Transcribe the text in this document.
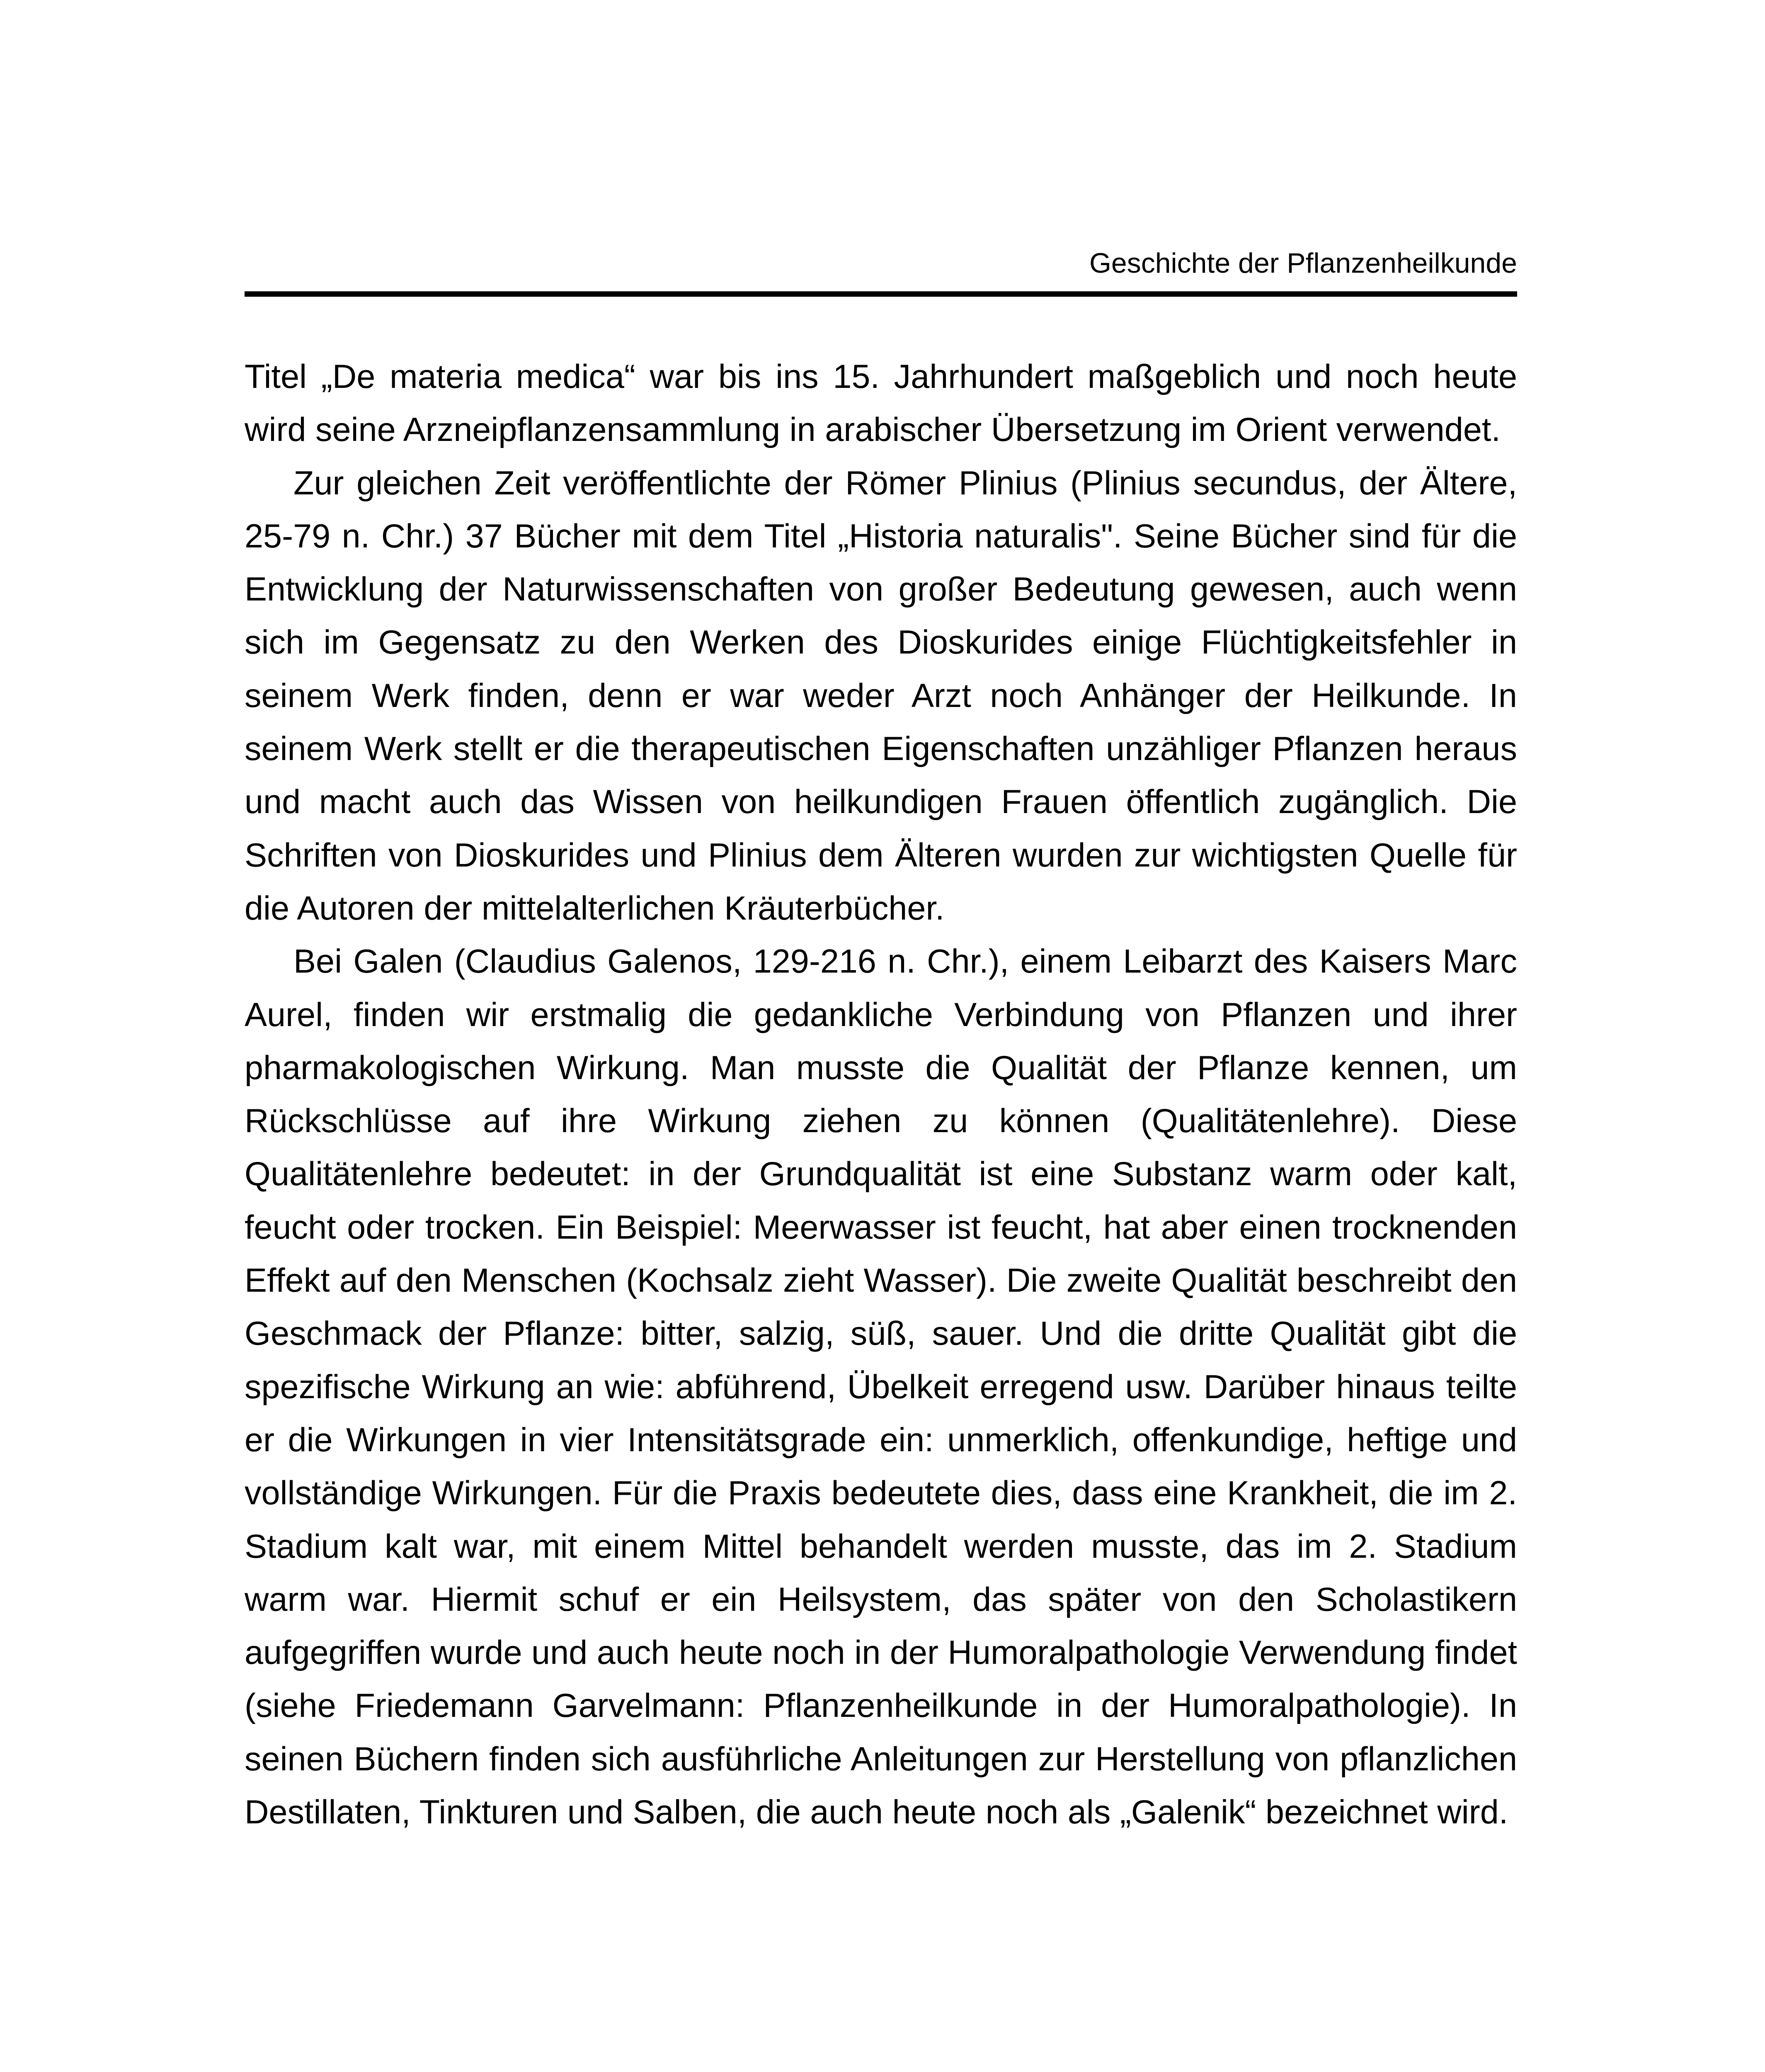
Geschichte der Pflanzenheilkunde

Titel „De materia medica“ war bis ins 15. Jahrhundert maßgeblich und noch heute wird seine Arzneipflanzensammlung in arabischer Übersetzung im Orient verwendet.

Zur gleichen Zeit veröffentlichte der Römer Plinius (Plinius secundus, der Ältere, 25-79 n. Chr.) 37 Bücher mit dem Titel „Historia naturalis". Seine Bücher sind für die Entwicklung der Naturwissenschaften von großer Bedeutung gewesen, auch wenn sich im Gegensatz zu den Werken des Dioskurides einige Flüchtigkeitsfehler in seinem Werk finden, denn er war weder Arzt noch Anhänger der Heilkunde. In seinem Werk stellt er die therapeutischen Eigenschaften unzähliger Pflanzen heraus und macht auch das Wissen von heilkundigen Frauen öffentlich zugänglich. Die Schriften von Dioskurides und Plinius dem Älteren wurden zur wichtigsten Quelle für die Autoren der mittelalterlichen Kräuterbücher.

Bei Galen (Claudius Galenos, 129-216 n. Chr.), einem Leibarzt des Kaisers Marc Aurel, finden wir erstmalig die gedankliche Verbindung von Pflanzen und ihrer pharmakologischen Wirkung. Man musste die Qualität der Pflanze kennen, um Rückschlüsse auf ihre Wirkung ziehen zu können (Qualitätenlehre). Diese Qualitätenlehre bedeutet: in der Grundqualität ist eine Substanz warm oder kalt, feucht oder trocken. Ein Beispiel: Meerwasser ist feucht, hat aber einen trocknenden Effekt auf den Menschen (Kochsalz zieht Wasser). Die zweite Qualität beschreibt den Geschmack der Pflanze: bitter, salzig, süß, sauer. Und die dritte Qualität gibt die spezifische Wirkung an wie: abführend, Übelkeit erregend usw. Darüber hinaus teilte er die Wirkungen in vier Intensitätsgrade ein: unmerklich, offenkundige, heftige und vollständige Wirkungen. Für die Praxis bedeutete dies, dass eine Krankheit, die im 2. Stadium kalt war, mit einem Mittel behandelt werden musste, das im 2. Stadium warm war. Hiermit schuf er ein Heilsystem, das später von den Scholastikern aufgegriffen wurde und auch heute noch in der Humoralpathologie Verwendung findet (siehe Friedemann Garvelmann: Pflanzenheilkunde in der Humoralpathologie). In seinen Büchern finden sich ausführliche Anleitungen zur Herstellung von pflanzlichen Destillaten, Tinkturen und Salben, die auch heute noch als „Galenik“ bezeichnet wird.
